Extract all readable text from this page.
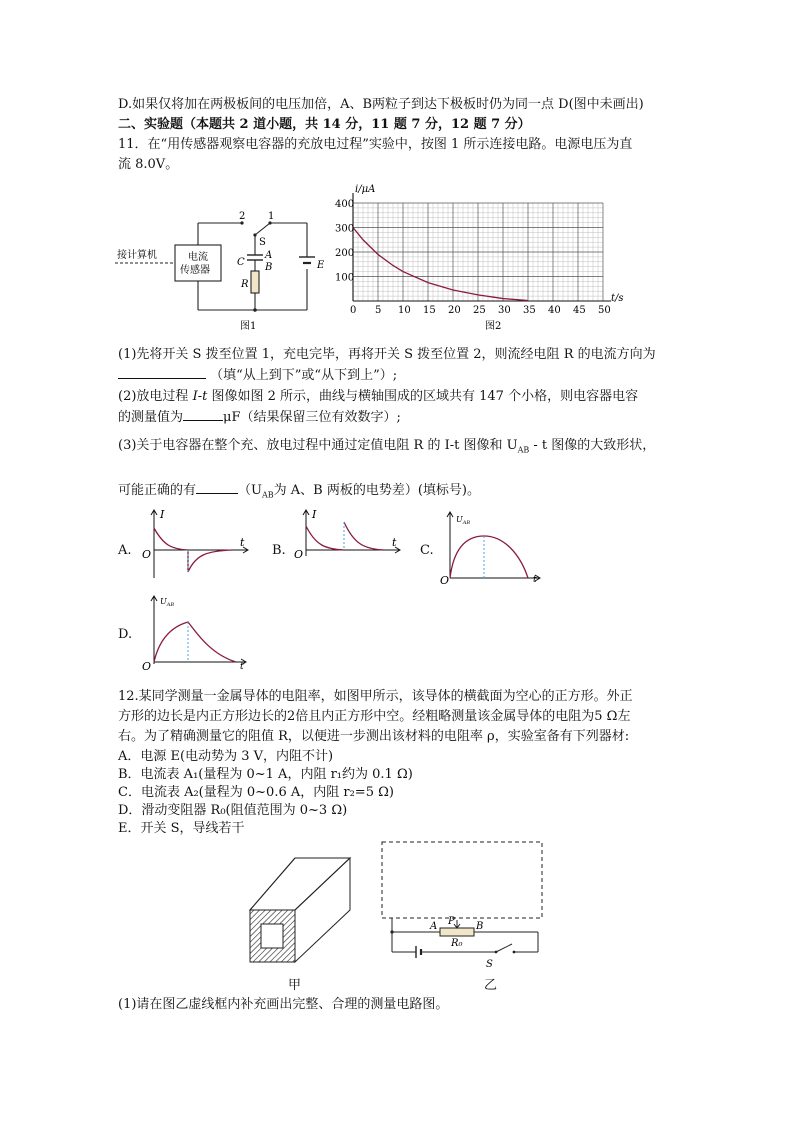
D.如果仅将加在两极板间的电压加倍，A、B两粒子到达下极板时仍为同一点 D(图中未画出)
二、实验题（本题共 2 道小题，共 14 分，11 题 7 分，12 题 7 分）
11．在“用传感器观察电容器的充放电过程”实验中，按图 1 所示连接电路。电源电压为直
流 8.0V。
接计算机	电流
传感器
2 1
S
C
A
B
R
E
图1
0 5 10 15 20 25 30 35 40 45 50
100
200
300
400
i/μA
t/s
图2
(1)先将开关 S 拨至位置 1，充电完毕，再将开关 S 拨至位置 2，则流经电阻 R 的电流方向为
（填“从上到下”或“从下到上”）;
(2)放电过程 I-t 图像如图 2 所示，曲线与横轴围成的区域共有 147 个小格，则电容器电容
的测量值为	μF（结果保留三位有效数字）;
(3)关于电容器在整个充、放电过程中通过定值电阻 R 的 I-t 图像和 $U_{AB}$ - t 图像的大致形状，
可能正确的有	（$U_{AB}$为 A、B 两板的电势差）(填标号)。
A.
I
O
t
B.
I
O
t
C.
$U_{AB}$
O	t
D.
$U_{AB}$
O	t
12.某同学测量一金属导体的电阻率，如图甲所示，该导体的横截面为空心的正方形。外正
方形的边长是内正方形边长的2倍且内正方形中空。经粗略测量该金属导体的电阻为5 Ω左
右。为了精确测量它的阻值 R，以便进一步测出该材料的电阻率 ρ，实验室备有下列器材:
A．电源 E(电动势为 3 V，内阻不计)
B．电流表 A₁(量程为 0~1 A，内阻 r₁约为 0.1 Ω)
C．电流表 A₂(量程为 0~0.6 A，内阻 r₂=5 Ω)
D．滑动变阻器 R₀(阻值范围为 0~3 Ω)
E．开关 S，导线若干
甲
A P B
R₀
S
乙
(1)请在图乙虚线框内补充画出完整、合理的测量电路图。
